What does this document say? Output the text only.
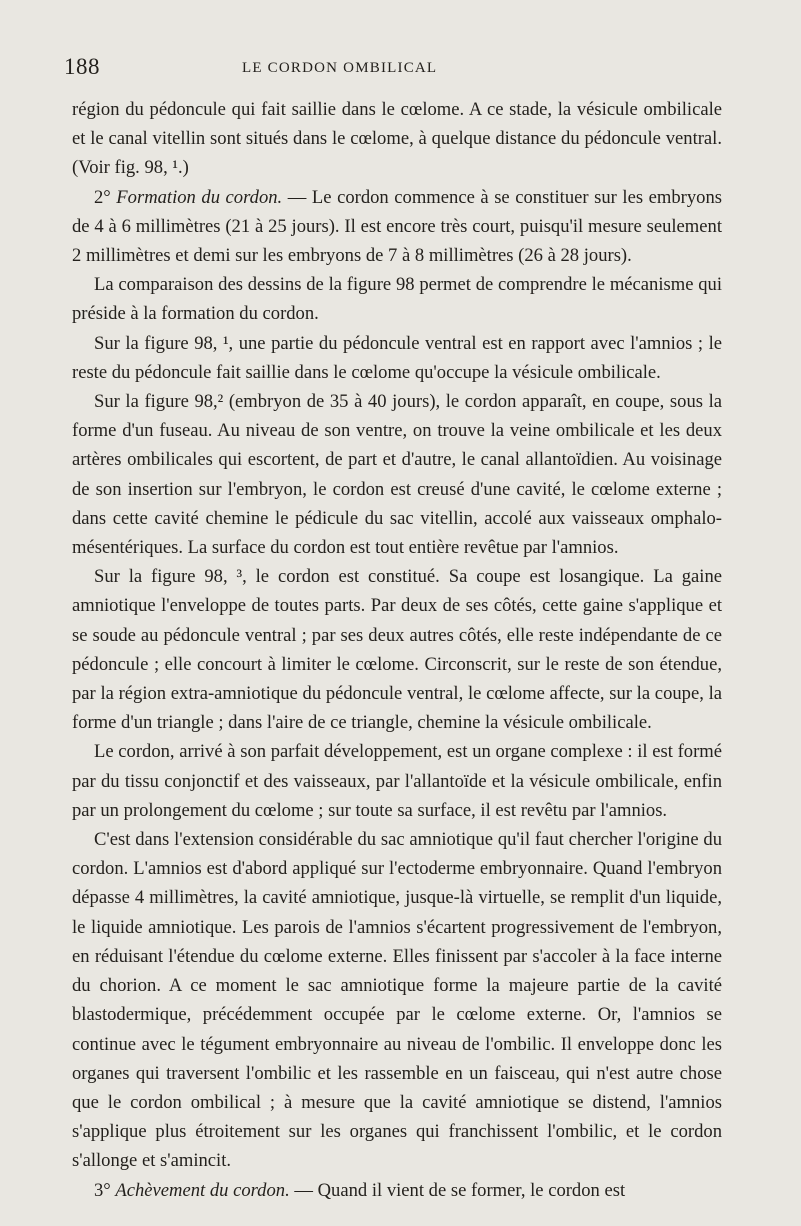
188	LE CORDON OMBILICAL

région du pédoncule qui fait saillie dans le cœlome. A ce stade, la vésicule ombilicale et le canal vitellin sont situés dans le cœlome, à quelque distance du pédoncule ventral. (Voir fig. 98, ¹.)

2° Formation du cordon. — Le cordon commence à se constituer sur les embryons de 4 à 6 millimètres (21 à 25 jours). Il est encore très court, puisqu'il mesure seulement 2 millimètres et demi sur les embryons de 7 à 8 millimètres (26 à 28 jours).

La comparaison des dessins de la figure 98 permet de comprendre le mécanisme qui préside à la formation du cordon.

Sur la figure 98, ¹, une partie du pédoncule ventral est en rapport avec l'amnios ; le reste du pédoncule fait saillie dans le cœlome qu'occupe la vésicule ombilicale.

Sur la figure 98,² (embryon de 35 à 40 jours), le cordon apparaît, en coupe, sous la forme d'un fuseau. Au niveau de son ventre, on trouve la veine ombilicale et les deux artères ombilicales qui escortent, de part et d'autre, le canal allantoïdien. Au voisinage de son insertion sur l'embryon, le cordon est creusé d'une cavité, le cœlome externe ; dans cette cavité chemine le pédicule du sac vitellin, accolé aux vaisseaux omphalo-mésentériques. La surface du cordon est tout entière revêtue par l'amnios.

Sur la figure 98, ³, le cordon est constitué. Sa coupe est losangique. La gaine amniotique l'enveloppe de toutes parts. Par deux de ses côtés, cette gaine s'applique et se soude au pédoncule ventral ; par ses deux autres côtés, elle reste indépendante de ce pédoncule ; elle concourt à limiter le cœlome. Circonscrit, sur le reste de son étendue, par la région extra-amniotique du pédoncule ventral, le cœlome affecte, sur la coupe, la forme d'un triangle ; dans l'aire de ce triangle, chemine la vésicule ombilicale.

Le cordon, arrivé à son parfait développement, est un organe complexe : il est formé par du tissu conjonctif et des vaisseaux, par l'allantoïde et la vésicule ombilicale, enfin par un prolongement du cœlome ; sur toute sa surface, il est revêtu par l'amnios.

C'est dans l'extension considérable du sac amniotique qu'il faut chercher l'origine du cordon. L'amnios est d'abord appliqué sur l'ectoderme embryonnaire. Quand l'embryon dépasse 4 millimètres, la cavité amniotique, jusque-là virtuelle, se remplit d'un liquide, le liquide amniotique. Les parois de l'amnios s'écartent progressivement de l'embryon, en réduisant l'étendue du cœlome externe. Elles finissent par s'accoler à la face interne du chorion. A ce moment le sac amniotique forme la majeure partie de la cavité blastodermique, précédemment occupée par le cœlome externe. Or, l'amnios se continue avec le tégument embryonnaire au niveau de l'ombilic. Il enveloppe donc les organes qui traversent l'ombilic et les rassemble en un faisceau, qui n'est autre chose que le cordon ombilical ; à mesure que la cavité amniotique se distend, l'amnios s'applique plus étroitement sur les organes qui franchissent l'ombilic, et le cordon s'allonge et s'amincit.

3° Achèvement du cordon. — Quand il vient de se former, le cordon est
